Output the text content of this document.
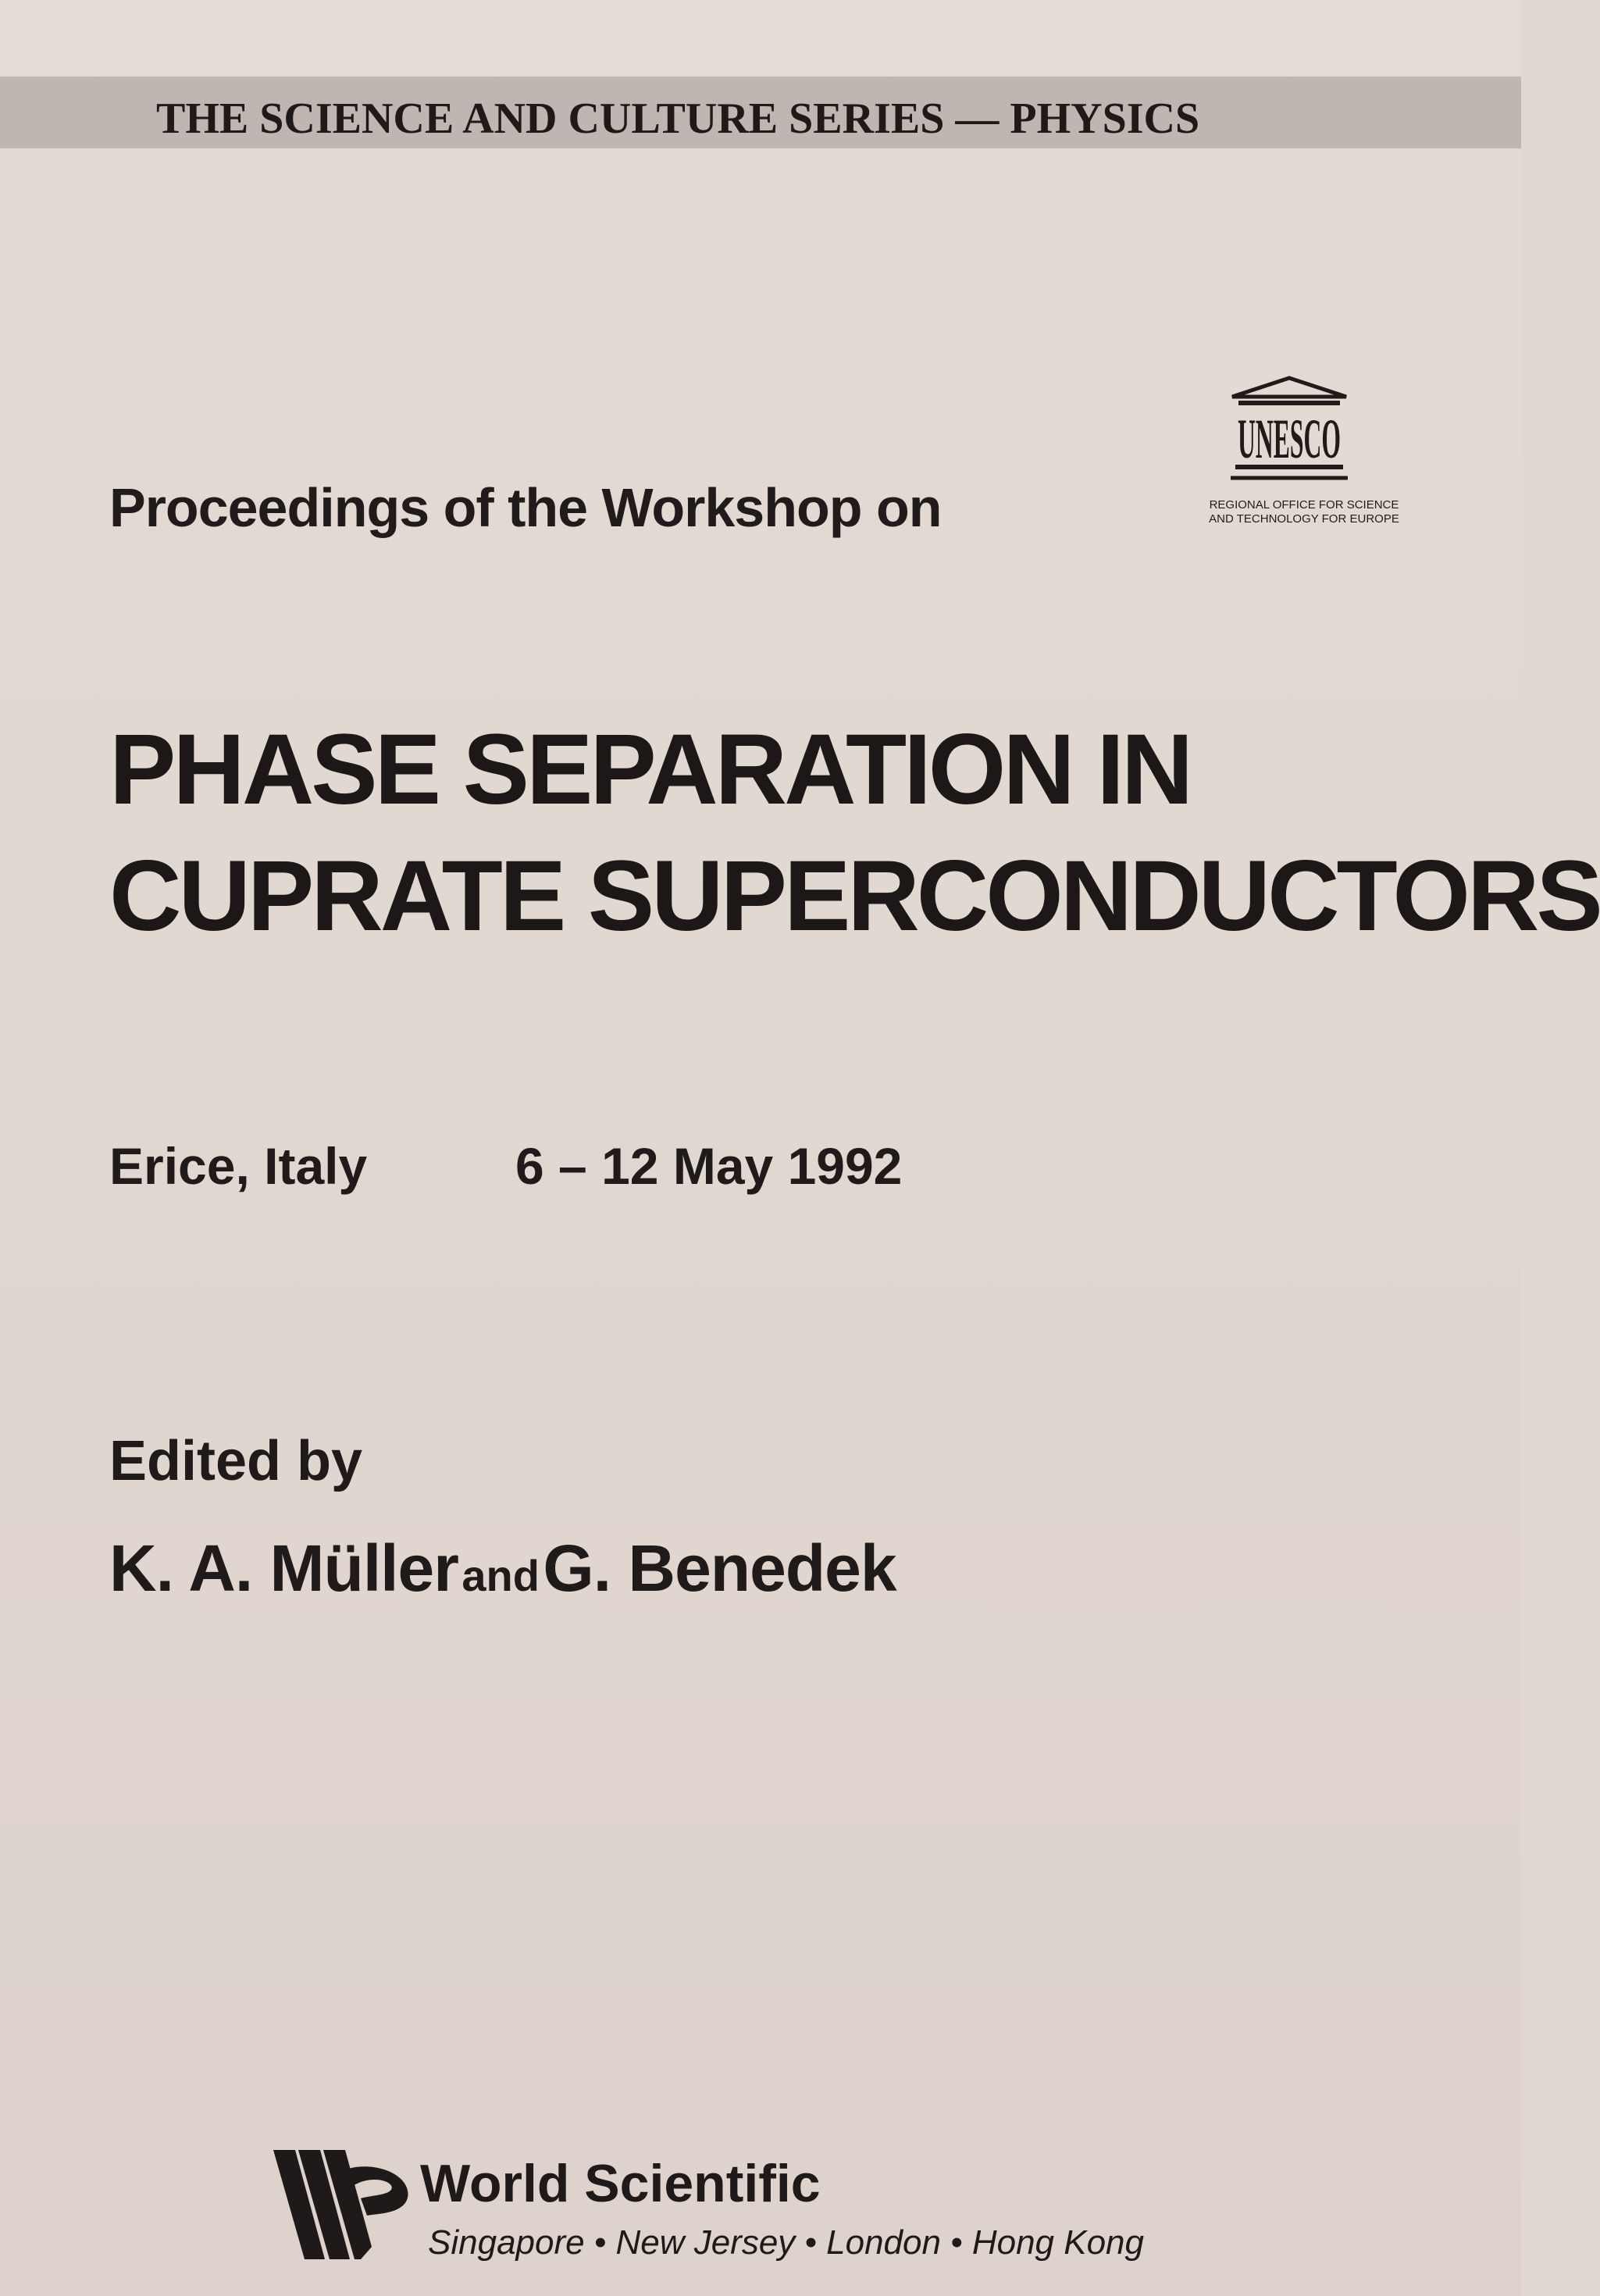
THE SCIENCE AND CULTURE SERIES — PHYSICS
UNESCO
REGIONAL OFFICE FOR SCIENCE
AND TECHNOLOGY FOR EUROPE
Proceedings of the Workshop on
PHASE SEPARATION IN
CUPRATE SUPERCONDUCTORS
Erice, Italy	6 – 12 May 1992
Edited by
K. A. Müller and G. Benedek
World Scientific
Singapore • New Jersey • London • Hong Kong
